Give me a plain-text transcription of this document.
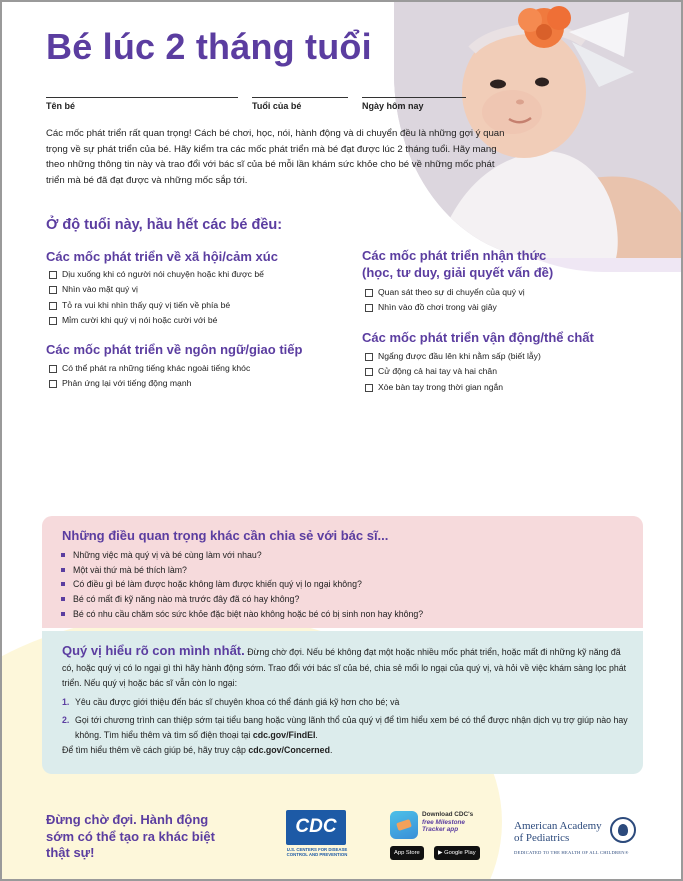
Bé lúc 2 tháng tuổi
Tên bé	Tuổi của bé	Ngày hôm nay
Các mốc phát triển rất quan trọng! Cách bé chơi, học, nói, hành động và di chuyển đều là những gợi ý quan trọng về sự phát triển của bé. Hãy kiểm tra các mốc phát triển mà bé đạt được lúc 2 tháng tuổi. Hãy mang theo những thông tin này và trao đổi với bác sĩ của bé mỗi lần khám sức khỏe cho bé về những mốc phát triển mà bé đã đạt được và những mốc sắp tới.
Ở độ tuổi này, hầu hết các bé đều:
Các mốc phát triển về xã hội/cảm xúc
Dịu xuống khi có người nói chuyện hoặc khi được bế
Nhìn vào mặt quý vị
Tỏ ra vui khi nhìn thấy quý vị tiến về phía bé
Mỉm cười khi quý vị nói hoặc cười với bé
Các mốc phát triển về ngôn ngữ/giao tiếp
Có thể phát ra những tiếng khác ngoài tiếng khóc
Phản ứng lại với tiếng động mạnh
Các mốc phát triển nhận thức
(học, tư duy, giải quyết vấn đề)
Quan sát theo sự di chuyển của quý vị
Nhìn vào đồ chơi trong vài giây
Các mốc phát triển vận động/thể chất
Ngẩng được đầu lên khi nằm sấp (biết lẫy)
Cử động cả hai tay và hai chân
Xòe bàn tay trong thời gian ngắn
Những điều quan trọng khác cần chia sẻ với bác sĩ...
Những việc mà quý vị và bé cùng làm với nhau?
Một vài thứ mà bé thích làm?
Có điều gì bé làm được hoặc không làm được khiến quý vị lo ngại không?
Bé có mất đi kỹ năng nào mà trước đây đã có hay không?
Bé có nhu cầu chăm sóc sức khỏe đặc biệt nào không hoặc bé có bị sinh non hay không?
Quý vị hiểu rõ con mình nhất. Đừng chờ đợi. Nếu bé không đạt một hoặc nhiều mốc phát triển, hoặc mất đi những kỹ năng đã có, hoặc quý vị có lo ngại gì thì hãy hành động sớm. Trao đổi với bác sĩ của bé, chia sẻ mối lo ngại của quý vị, và hỏi về việc khám sàng lọc phát triển. Nếu quý vị hoặc bác sĩ vẫn còn lo ngại:
1. Yêu cầu được giới thiệu đến bác sĩ chuyên khoa có thể đánh giá kỹ hơn cho bé; và
2. Gọi tới chương trình can thiệp sớm tại tiểu bang hoặc vùng lãnh thổ của quý vị để tìm hiểu xem bé có thể được nhận dịch vụ trợ giúp nào hay không. Tìm hiểu thêm và tìm số điện thoại tại cdc.gov/FindEI.
Để tìm hiểu thêm về cách giúp bé, hãy truy cập cdc.gov/Concerned.
Đừng chờ đợi. Hành động sớm có thể tạo ra khác biệt thật sự!
CDC
U.S. CENTERS FOR DISEASE CONTROL AND PREVENTION
Download CDC's
free Milestone
Tracker app
App Store	▶ Google Play
American Academy
of Pediatrics
DEDICATED TO THE HEALTH OF ALL CHILDREN®
